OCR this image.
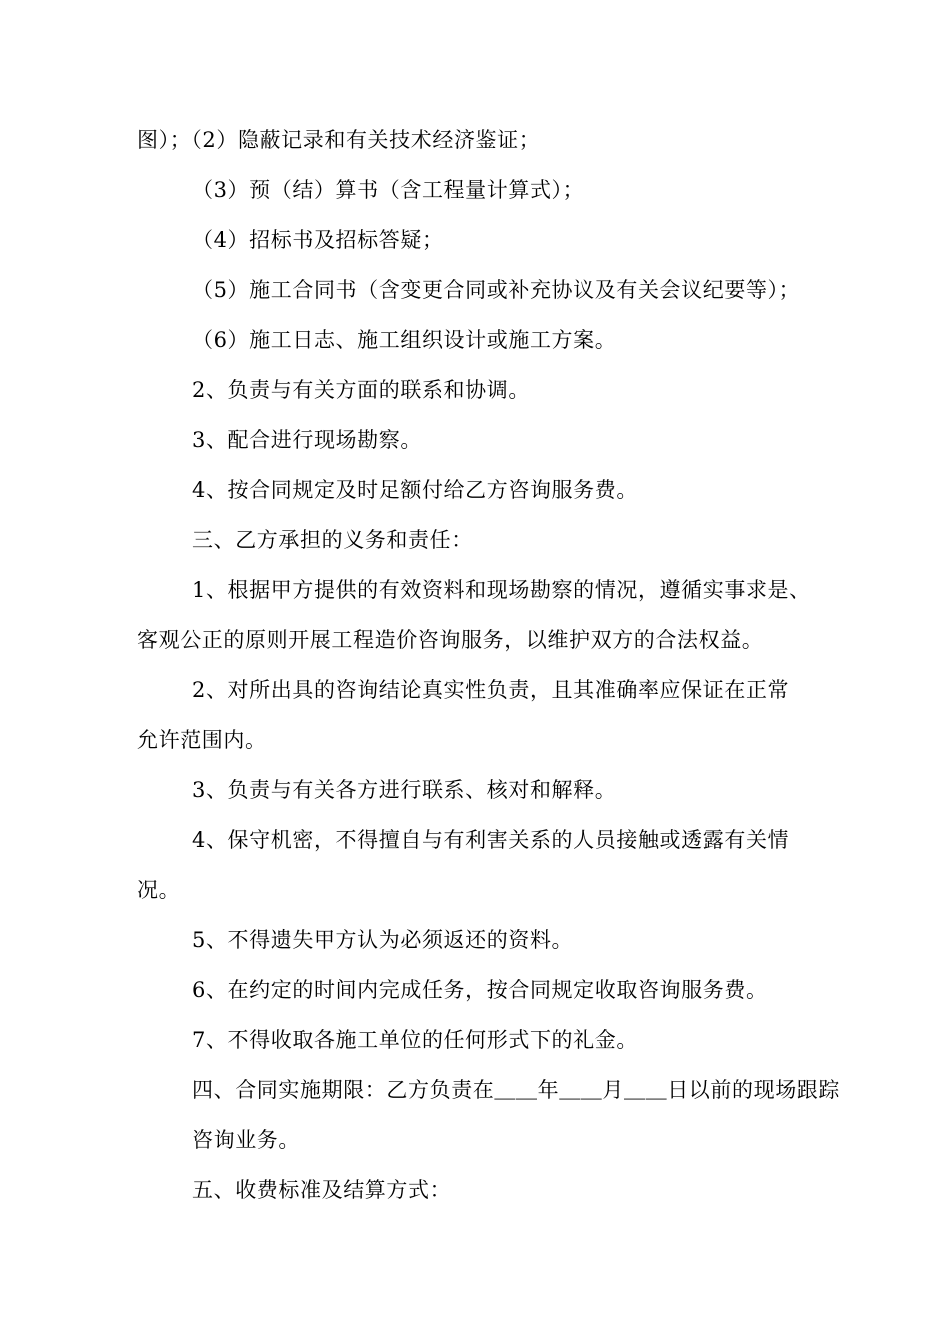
图）；（2）隐蔽记录和有关技术经济鉴证；
（3）预（结）算书（含工程量计算式）；
（4）招标书及招标答疑；
（5）施工合同书（含变更合同或补充协议及有关会议纪要等）；
（6）施工日志、施工组织设计或施工方案。
2、负责与有关方面的联系和协调。
3、配合进行现场勘察。
4、按合同规定及时足额付给乙方咨询服务费。
三、乙方承担的义务和责任：
1、根据甲方提供的有效资料和现场勘察的情况，遵循实事求是、
客观公正的原则开展工程造价咨询服务，以维护双方的合法权益。
2、对所出具的咨询结论真实性负责，且其准确率应保证在正常
允许范围内。
3、负责与有关各方进行联系、核对和解释。
4、保守机密，不得擅自与有利害关系的人员接触或透露有关情
况。
5、不得遗失甲方认为必须返还的资料。
6、在约定的时间内完成任务，按合同规定收取咨询服务费。
7、不得收取各施工单位的任何形式下的礼金。
四、合同实施期限：乙方负责在＿＿年＿＿月＿＿日以前的现场跟踪
咨询业务。
五、收费标准及结算方式：
